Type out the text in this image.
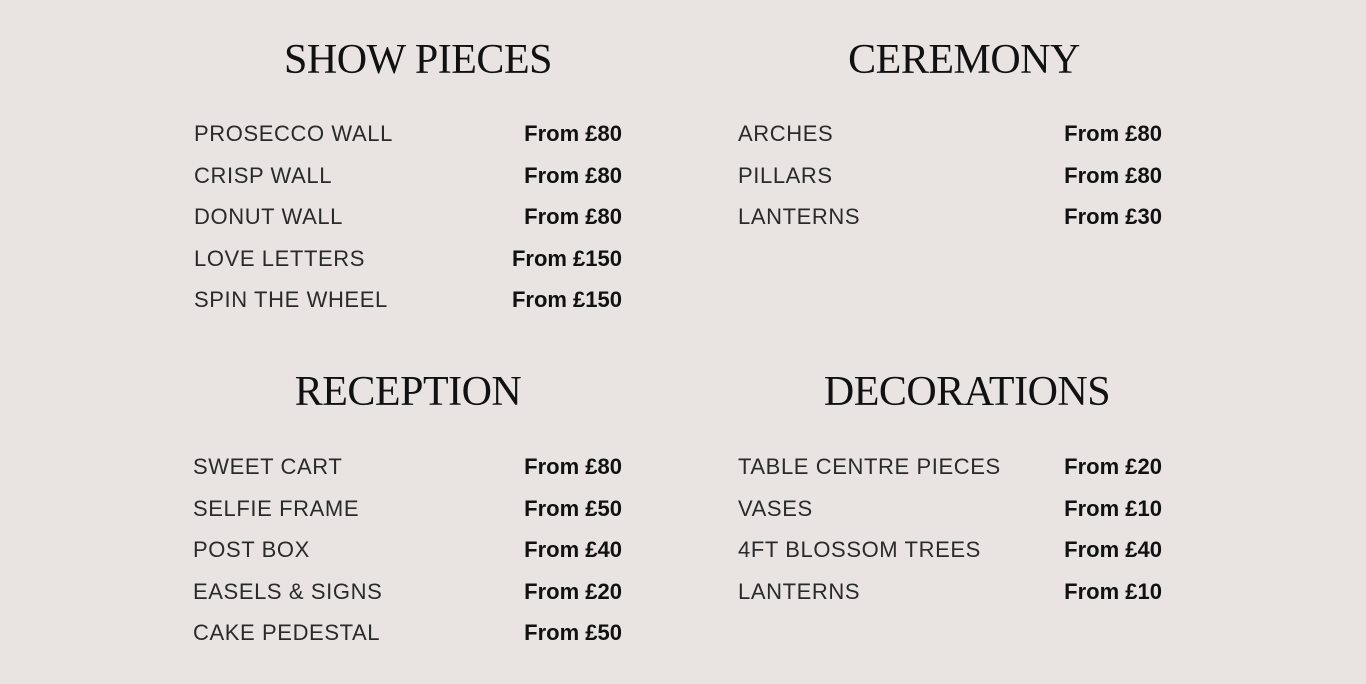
SHOW PIECES
PROSECCO WALL	From £80
CRISP WALL	From £80
DONUT WALL	From £80
LOVE LETTERS	From £150
SPIN THE WHEEL	From £150
CEREMONY
ARCHES	From £80
PILLARS	From £80
LANTERNS	From £30
RECEPTION
SWEET CART	From £80
SELFIE FRAME	From £50
POST BOX	From £40
EASELS & SIGNS	From £20
CAKE PEDESTAL	From £50
DECORATIONS
TABLE CENTRE PIECES	From £20
VASES	From £10
4FT BLOSSOM TREES	From £40
LANTERNS	From £10
